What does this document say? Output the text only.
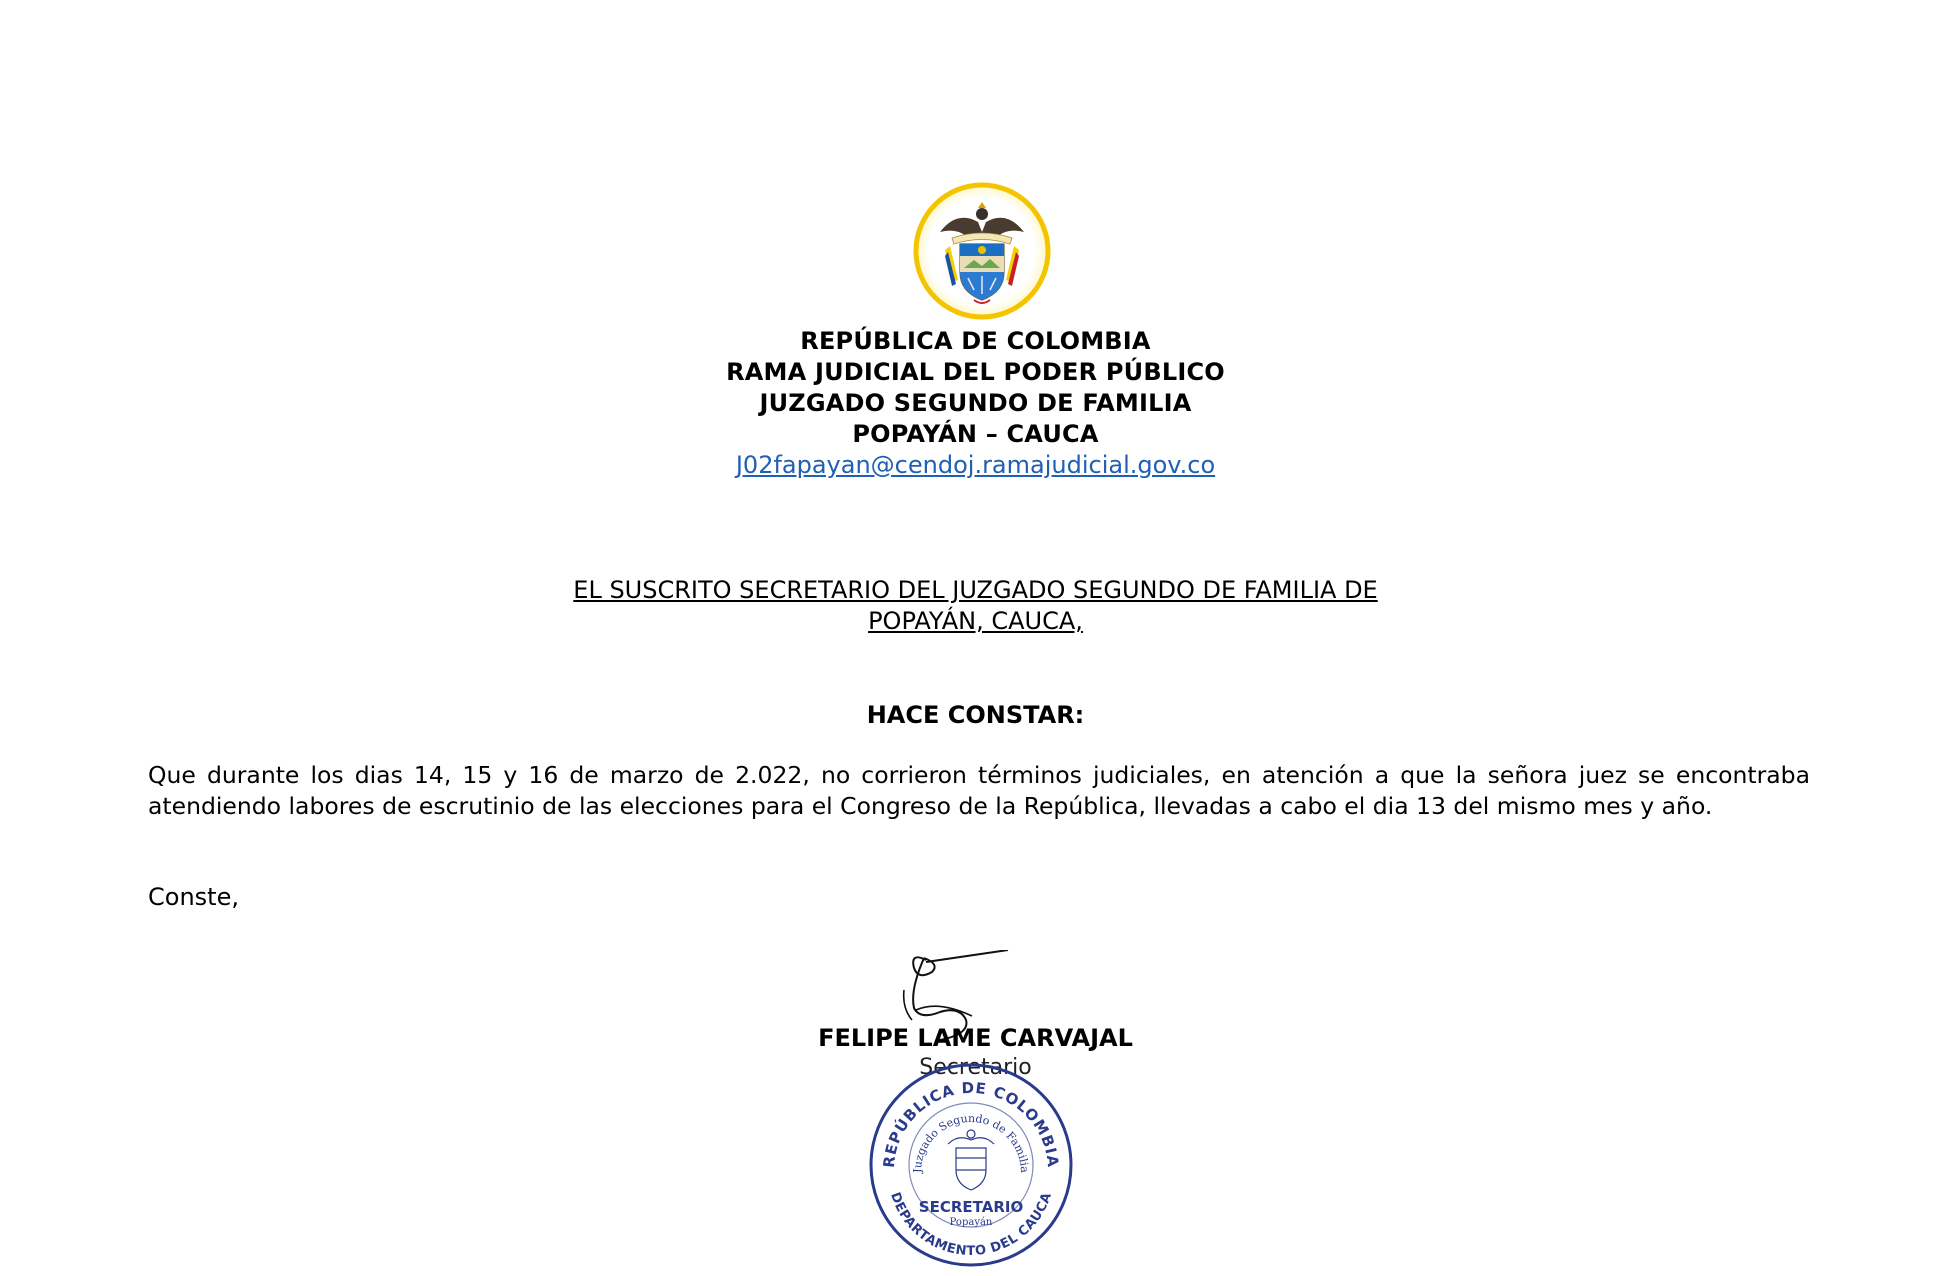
REPÚBLICA DE COLOMBIA
RAMA JUDICIAL DEL PODER PÚBLICO
JUZGADO SEGUNDO DE FAMILIA
POPAYÁN – CAUCA
J02fapayan@cendoj.ramajudicial.gov.co
EL SUSCRITO SECRETARIO DEL JUZGADO SEGUNDO DE FAMILIA DE
POPAYÁN, CAUCA,
HACE CONSTAR:
Que durante los dias 14, 15 y 16 de marzo de 2.022, no corrieron términos judiciales, en atención a que la señora juez se encontraba atendiendo labores de escrutinio de las elecciones para el Congreso de la República, llevadas a cabo el dia 13 del mismo mes y año.
Conste,
FELIPE LAME CARVAJAL
Secretario
REPÚBLICA DE COLOMBIA
Juzgado Segundo de Familia
DEPARTAMENTO DEL CAUCA
SECRETARIO
Popayán
